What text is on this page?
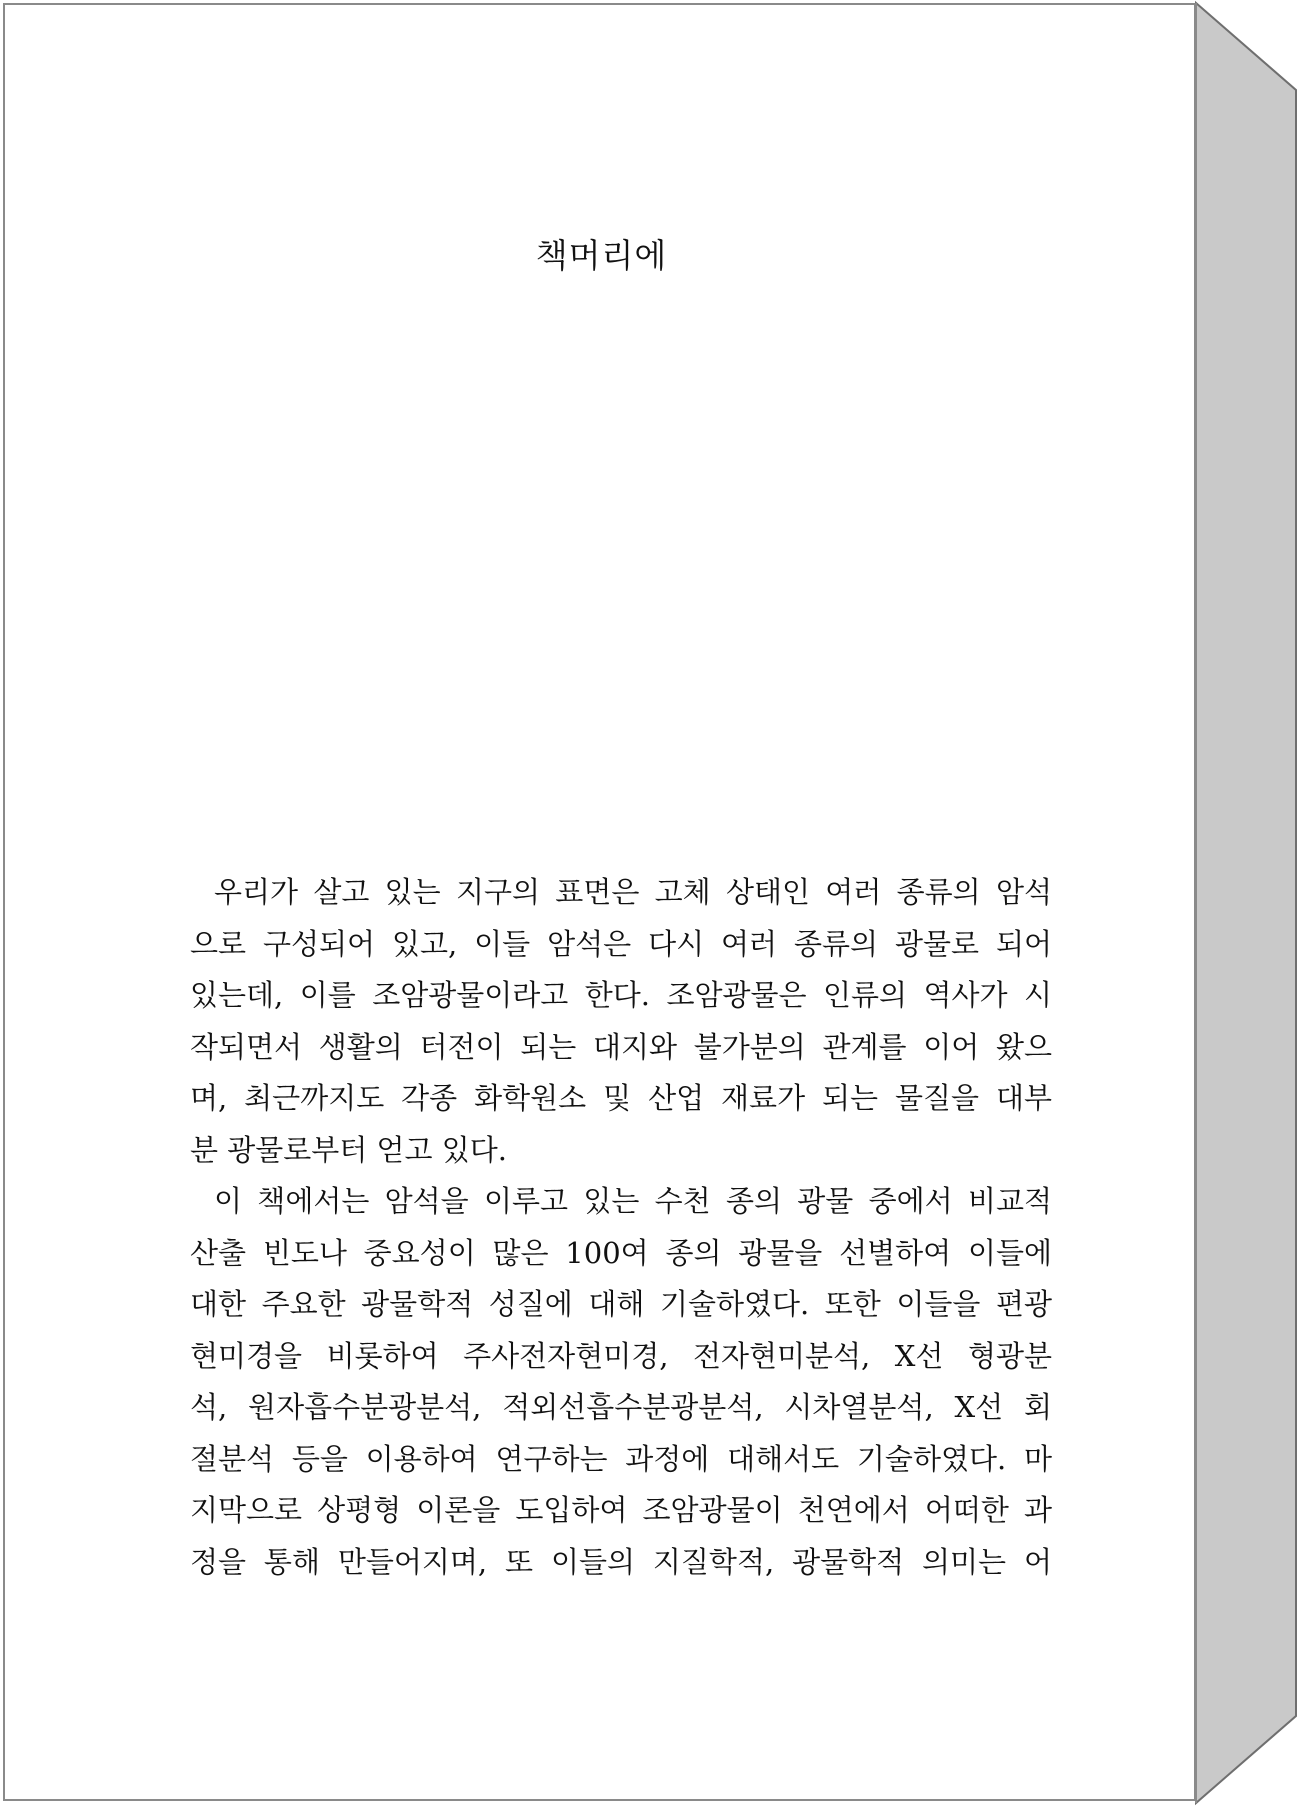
책머리에
우리가 살고 있는 지구의 표면은 고체 상태인 여러 종류의 암석
으로 구성되어 있고, 이들 암석은 다시 여러 종류의 광물로 되어
있는데, 이를 조암광물이라고 한다. 조암광물은 인류의 역사가 시
작되면서 생활의 터전이 되는 대지와 불가분의 관계를 이어 왔으
며, 최근까지도 각종 화학원소 및 산업 재료가 되는 물질을 대부
분 광물로부터 얻고 있다.
이 책에서는 암석을 이루고 있는 수천 종의 광물 중에서 비교적
산출 빈도나 중요성이 많은 100여 종의 광물을 선별하여 이들에
대한 주요한 광물학적 성질에 대해 기술하였다. 또한 이들을 편광
현미경을 비롯하여 주사전자현미경, 전자현미분석, X선 형광분
석, 원자흡수분광분석, 적외선흡수분광분석, 시차열분석, X선 회
절분석 등을 이용하여 연구하는 과정에 대해서도 기술하였다. 마
지막으로 상평형 이론을 도입하여 조암광물이 천연에서 어떠한 과
정을 통해 만들어지며, 또 이들의 지질학적, 광물학적 의미는 어
